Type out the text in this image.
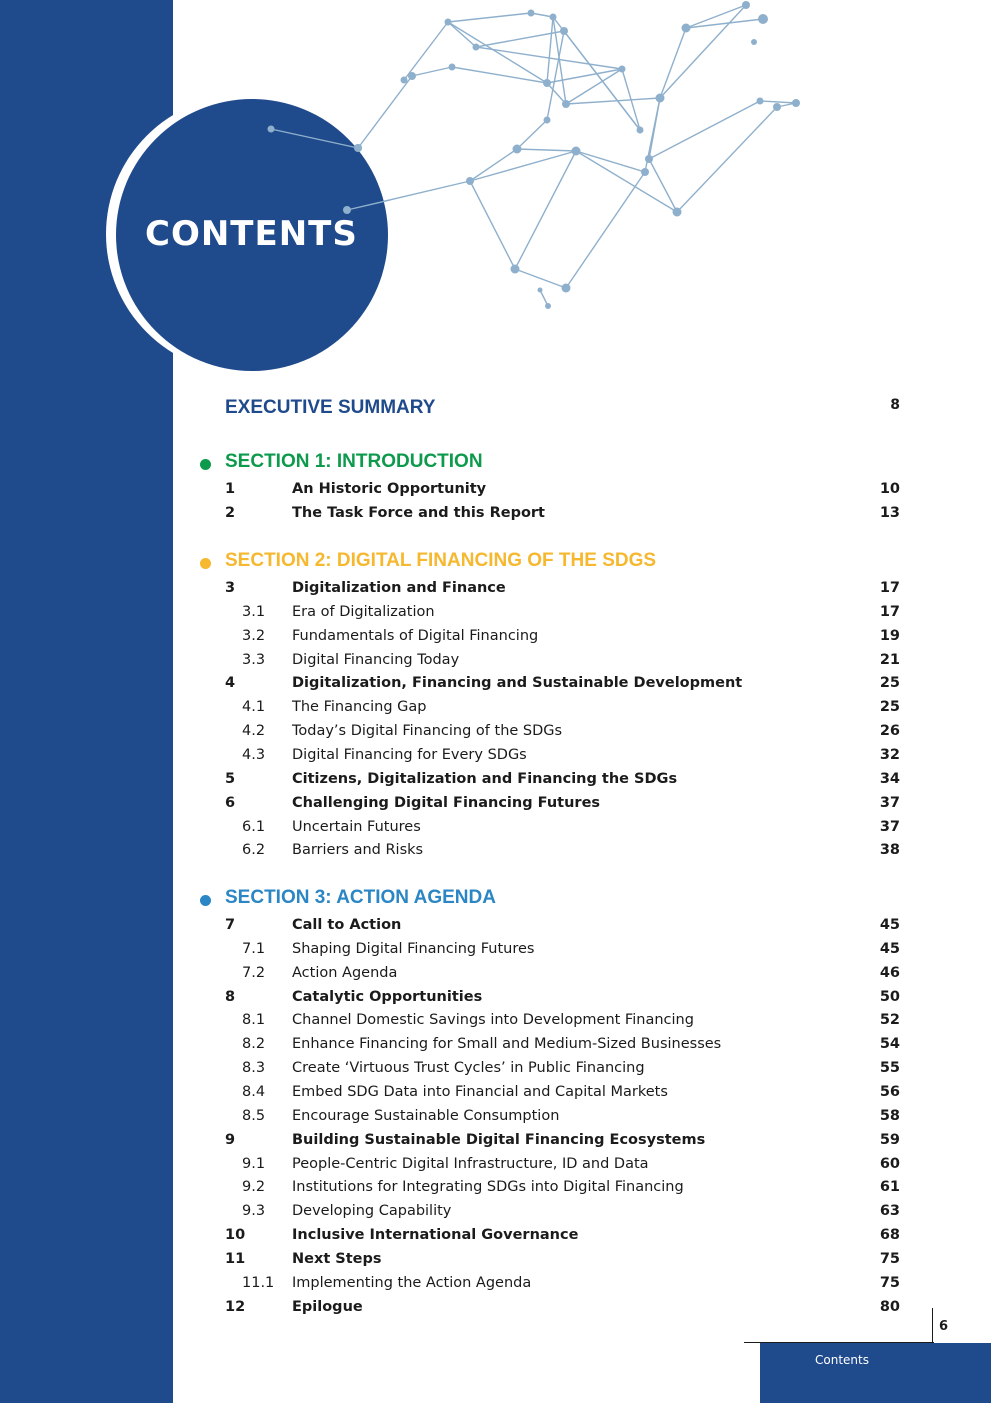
CONTENTS
EXECUTIVE SUMMARY	8
SECTION 1: INTRODUCTION
1	An Historic Opportunity	10
2	The Task Force and this Report	13
SECTION 2: DIGITAL FINANCING OF THE SDGS
3	Digitalization and Finance	17
3.1 Era of Digitalization	17
3.2 Fundamentals of Digital Financing	19
3.3 Digital Financing Today	21
4	Digitalization, Financing and Sustainable Development	25
4.1 The Financing Gap	25
4.2 Today’s Digital Financing of the SDGs	26
4.3 Digital Financing for Every SDGs	32
5	Citizens, Digitalization and Financing the SDGs	34
6	Challenging Digital Financing Futures	37
6.1 Uncertain Futures	37
6.2 Barriers and Risks	38
SECTION 3: ACTION AGENDA
7	Call to Action	45
7.1 Shaping Digital Financing Futures	45
7.2 Action Agenda	46
8	Catalytic Opportunities	50
8.1 Channel Domestic Savings into Development Financing	52
8.2 Enhance Financing for Small and Medium-Sized Businesses	54
8.3 Create ‘Virtuous Trust Cycles’ in Public Financing	55
8.4 Embed SDG Data into Financial and Capital Markets	56
8.5 Encourage Sustainable Consumption	58
9	Building Sustainable Digital Financing Ecosystems	59
9.1 People-Centric Digital Infrastructure, ID and Data	60
9.2 Institutions for Integrating SDGs into Digital Financing	61
9.3 Developing Capability	63
10	Inclusive International Governance	68
11	Next Steps	75
11.1 Implementing the Action Agenda	75
12	Epilogue	80
6
Contents
